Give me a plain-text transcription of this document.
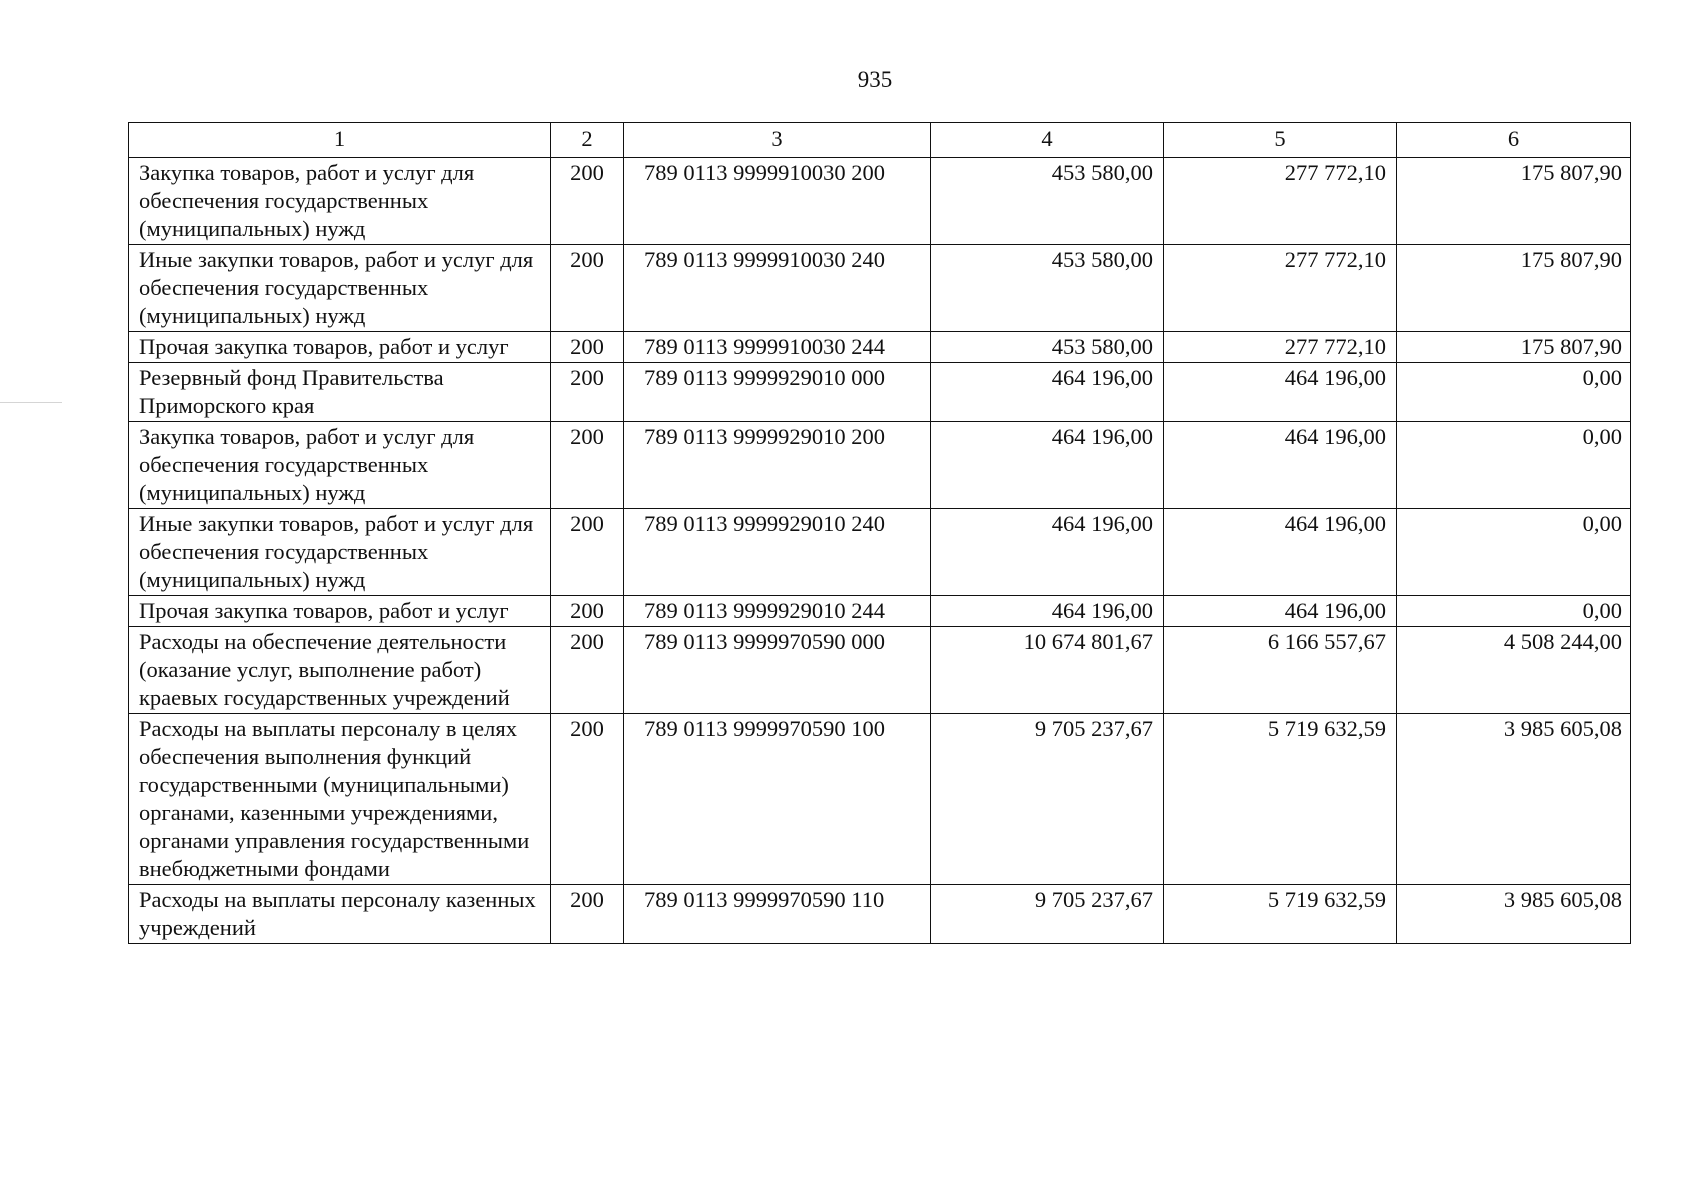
935
1	2	3	4	5	6
Закупка товаров, работ и услуг для обеспечения государственных (муниципальных) нужд	200	789 0113 9999910030 200	453 580,00	277 772,10	175 807,90
Иные закупки товаров, работ и услуг для обеспечения государственных (муниципальных) нужд	200	789 0113 9999910030 240	453 580,00	277 772,10	175 807,90
Прочая закупка товаров, работ и услуг	200	789 0113 9999910030 244	453 580,00	277 772,10	175 807,90
Резервный фонд Правительства Приморского края	200	789 0113 9999929010 000	464 196,00	464 196,00	0,00
Закупка товаров, работ и услуг для обеспечения государственных (муниципальных) нужд	200	789 0113 9999929010 200	464 196,00	464 196,00	0,00
Иные закупки товаров, работ и услуг для обеспечения государственных (муниципальных) нужд	200	789 0113 9999929010 240	464 196,00	464 196,00	0,00
Прочая закупка товаров, работ и услуг	200	789 0113 9999929010 244	464 196,00	464 196,00	0,00
Расходы на обеспечение деятельности (оказание услуг, выполнение работ) краевых государственных учреждений	200	789 0113 9999970590 000	10 674 801,67	6 166 557,67	4 508 244,00
Расходы на выплаты персоналу в целях обеспечения выполнения функций государственными (муниципальными) органами, казенными учреждениями, органами управления государственными внебюджетными фондами	200	789 0113 9999970590 100	9 705 237,67	5 719 632,59	3 985 605,08
Расходы на выплаты персоналу казенных учреждений	200	789 0113 9999970590 110	9 705 237,67	5 719 632,59	3 985 605,08
